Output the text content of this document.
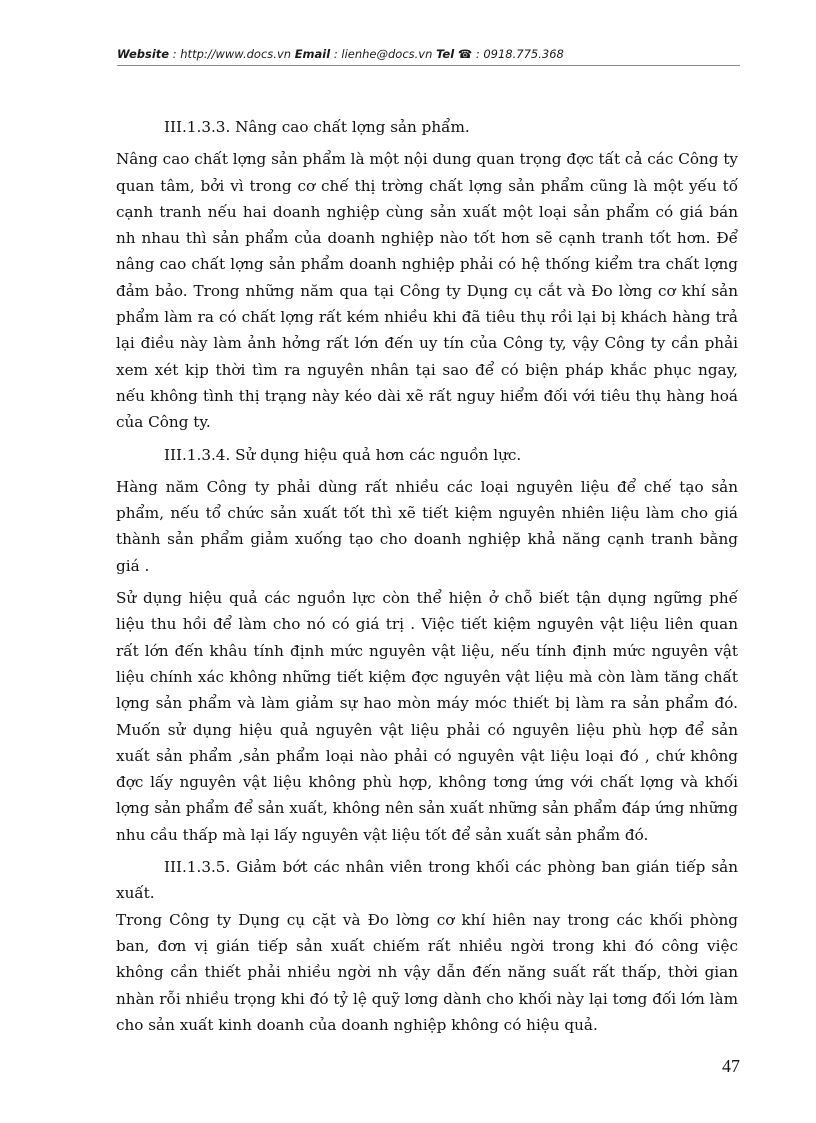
Website : http://www.docs.vn Email : lienhe@docs.vn Tel ☎ : 0918.775.368

III.1.3.3. Nâng cao chất lợng sản phẩm.

Nâng cao chất lợng sản phẩm là một nội dung quan trọng đợc tất cả các Công ty quan tâm, bởi vì trong cơ chế thị trờng chất lợng sản phẩm cũng là một yếu tố cạnh tranh nếu hai doanh nghiệp cùng sản xuất một loại sản phẩm có giá bán nh nhau thì sản phẩm của doanh nghiệp nào tốt hơn sẽ cạnh tranh tốt hơn. Để nâng cao chất lợng sản phẩm doanh nghiệp phải có hệ thống kiểm tra chất lợng đảm bảo. Trong những năm qua tại Công ty Dụng cụ cắt và Đo lờng cơ khí sản phẩm làm ra có chất lợng rất kém nhiều khi đã tiêu thụ rồi lại bị khách hàng trả lại điều này làm ảnh hởng rất lớn đến uy tín của Công ty, vậy Công ty cần phải xem xét kịp thời tìm ra nguyên nhân tại sao để có biện pháp khắc phục ngay, nếu không tình thị trạng này kéo dài xẽ rất nguy hiểm đối với tiêu thụ hàng hoá của Công ty.

III.1.3.4. Sử dụng hiệu quả hơn các nguồn lực.

Hàng năm Công ty phải dùng rất nhiều các loại nguyên liệu để chế tạo sản phẩm, nếu tổ chức sản xuất tốt thì xẽ tiết kiệm nguyên nhiên liệu làm cho giá thành sản phẩm giảm xuống tạo cho doanh nghiệp khả năng cạnh tranh bằng giá .

Sử dụng hiệu quả các nguồn lực còn thể hiện ở chỗ biết tận dụng ngững phế liệu thu hồi để làm cho nó có giá trị . Việc tiết kiệm nguyên vật liệu liên quan rất lớn đến khâu tính định mức nguyên vật liệu, nếu tính định mức nguyên vật liệu chính xác không những tiết kiệm đợc nguyên vật liệu mà còn làm tăng chất lợng sản phẩm và làm giảm sự hao mòn máy móc thiết bị làm ra sản phẩm đó. Muốn sử dụng hiệu quả nguyên vật liệu phải có nguyên liệu phù hợp để sản xuất sản phẩm ,sản phẩm loại nào phải có nguyên vật liệu loại đó , chứ không đợc lấy nguyên vật liệu không phù hợp, không tơng ứng với chất lợng và khối lợng sản phẩm để sản xuất, không nên sản xuất những sản phẩm đáp ứng những nhu cầu thấp mà lại lấy nguyên vật liệu tốt để sản xuất sản phẩm đó.

III.1.3.5. Giảm bớt các nhân viên trong khối các phòng ban gián tiếp sản xuất.

Trong Công ty Dụng cụ cặt và Đo lờng cơ khí hiên nay trong các khối phòng ban, đơn vị gián tiếp sản xuất chiếm rất nhiều ngời trong khi đó công việc không cần thiết phải nhiều ngời nh vậy dẫn đến năng suất rất thấp, thời gian nhàn rỗi nhiều trọng khi đó tỷ lệ quỹ lơng dành cho khối này lại tơng đối lớn làm cho sản xuất kinh doanh của doanh nghiệp không có hiệu quả.

47
